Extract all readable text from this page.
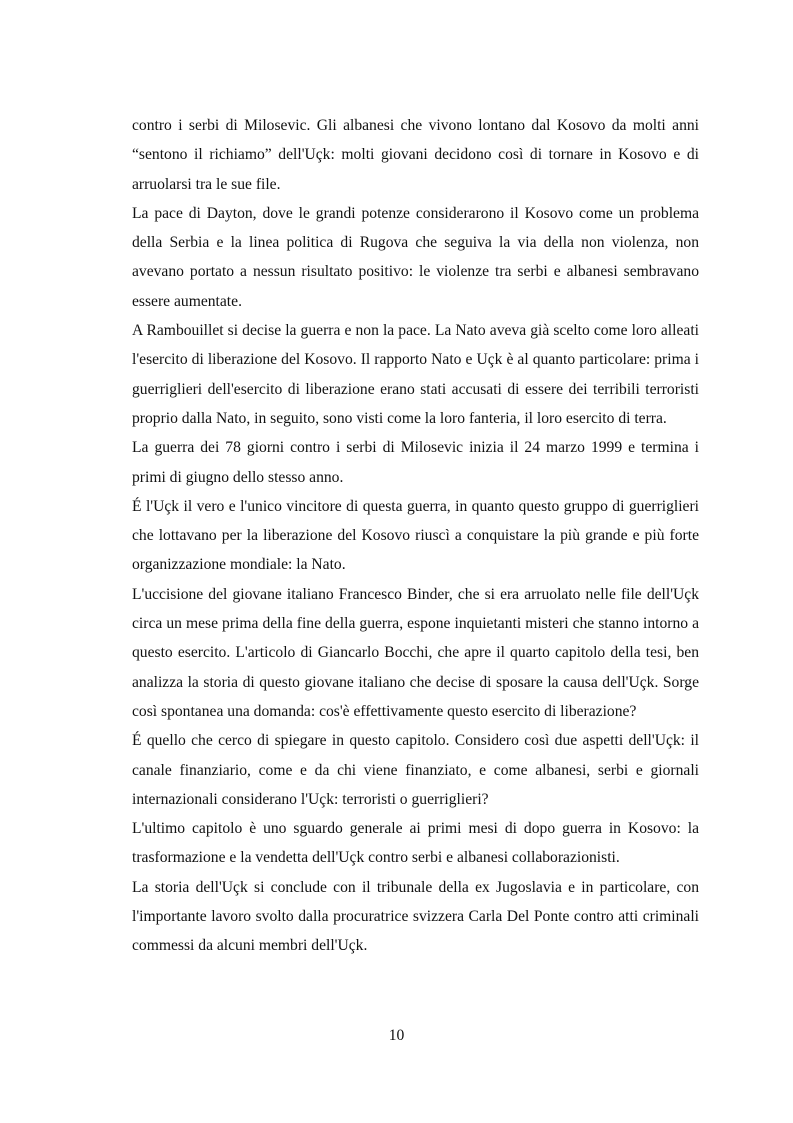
contro i serbi di Milosevic. Gli albanesi che vivono lontano dal Kosovo da molti anni “sentono il richiamo” dell'Uçk: molti giovani decidono così di tornare in Kosovo e di arruolarsi tra le sue file.

La pace di Dayton, dove le grandi potenze considerarono il Kosovo come un problema della Serbia e la linea politica di Rugova che seguiva la via della non violenza, non avevano portato a nessun risultato positivo: le violenze tra serbi e albanesi sembravano essere aumentate.

A Rambouillet si decise la guerra e non la pace. La Nato aveva già scelto come loro alleati l'esercito di liberazione del Kosovo. Il rapporto Nato e Uçk è al quanto particolare: prima i guerriglieri dell'esercito di liberazione erano stati accusati di essere dei terribili terroristi proprio dalla Nato, in seguito, sono visti come la loro fanteria, il loro esercito di terra.

La guerra dei 78 giorni contro i serbi di Milosevic inizia il 24 marzo 1999 e termina i primi di giugno dello stesso anno.

É l'Uçk il vero e l'unico vincitore di questa guerra, in quanto questo gruppo di guerriglieri che lottavano per la liberazione del Kosovo riuscì a conquistare la più grande e più forte organizzazione mondiale: la Nato.

L'uccisione del giovane italiano Francesco Binder, che si era arruolato nelle file dell'Uçk circa un mese prima della fine della guerra, espone inquietanti misteri che stanno intorno a questo esercito. L'articolo di Giancarlo Bocchi, che apre il quarto capitolo della tesi, ben analizza la storia di questo giovane italiano che decise di sposare la causa dell'Uçk. Sorge così spontanea una domanda: cos'è effettivamente questo esercito di liberazione?

É quello che cerco di spiegare in questo capitolo. Considero così due aspetti dell'Uçk: il canale finanziario, come e da chi viene finanziato, e come albanesi, serbi e giornali internazionali considerano l'Uçk: terroristi o guerriglieri?

L'ultimo capitolo è uno sguardo generale ai primi mesi di dopo guerra in Kosovo: la trasformazione e la vendetta dell'Uçk contro serbi e albanesi collaborazionisti.

La storia dell'Uçk si conclude con il tribunale della ex Jugoslavia e in particolare, con l'importante lavoro svolto dalla procuratrice svizzera Carla Del Ponte contro atti criminali commessi da alcuni membri dell'Uçk.

10
